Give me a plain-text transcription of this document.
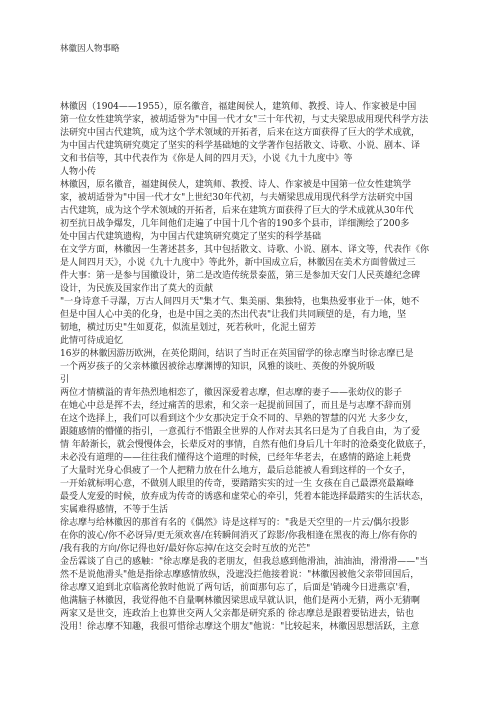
林徽因人物事略
林徽因（1904——1955），原名徽音，福建闽侯人，建筑师、教授、诗人、作家被是中国
第一位女性建筑学家，被胡适誉为"中国一代才女"三十年代初，与丈夫梁思成用现代科学方法
法研究中国古代建筑，成为这个学术领域的开拓者，后来在这方面获得了巨大的学术成就，
为中国古代建筑研究奠定了坚实的科学基础她的文学著作包括散文、诗歌、小说、剧本、译
文和书信等，其中代表作为《你是人间的四月天》，小说《九十九度中》等
人物小传
林徽因，原名徽音，福建闽侯人，建筑师、教授、诗人、作家被是中国第一位女性建筑学
家，被胡适誉为"中国一代才女"上世纪30年代初，与夫婿梁思成用现代科学方法研究中国
古代建筑，成为这个学术领域的开拓者，后来在建筑方面获得了巨大的学术成就从30年代
初至抗日战争爆发，几年间他们走遍了中国十几个省的190多个县市，详细测绘了200多
处中国古代建筑遗构，为中国古代建筑研究奠定了坚实的科学基础
在文学方面，林徽因一生著述甚多，其中包括散文、诗歌、小说、剧本、译文等，代表作《你
是人间四月天》，小说《九十九度中》等此外，新中国成立后，林徽因在美术方面曾做过三
件大事：第一是参与国徽设计，第二是改造传统景泰蓝，第三是参加天安门人民英雄纪念碑
设计，为民族及国家作出了莫大的贡献
"一身诗意千寻瀑，万古人间四月天"集才气、集美丽、集独特，也集热爱事业于一体，她不
但是中国人心中美的化身，也是中国之美的杰出代表"让我们共同顾望的是，有力地，坚
韧地，横过历史"生如夏花，似流星划过，死若秋叶，化泥土留芳
此情可待成追忆
16岁的林徽因游历欧洲，在英伦期间，结识了当时正在英国留学的徐志摩当时徐志摩已是
一个两岁孩子的父亲林徽因被徐志摩渊博的知识，风雅的谈吐、英俊的外貌所吸
引
两位才情横溢的青年热烈地相恋了，徽因深爱着志摩，但志摩的妻子——张幼仪的影子
在她心中总是挥不去，经过痛苦的思索，和父亲一起提前回国了，而且是与志摩不辞而别
在这个选择上，我们可以看到这个少女那决定于众不同的、早熟的智慧的闪光 大多少女，
跟随感情的懵懂的指引，一意孤行不惜跟全世界的人作对去其名曰是为了自我自由，为了爱
情 年龄渐长，就会慢慢体会，长辈反对的事情，自然有他们身后几十年时的沧桑变化做底子，
未必没有道理的——往往我们懂得这个道理的时候，已经年华老去，在感情的路途上耗费
了大量时光身心俱疲了一个人把精力放在什么地方，最后总能被人看到这样的一个女子，
一开始就标明心意，不做别人眼里的传奇，要踏踏实实的过一生 女孩在自己最漂亮最巅峰
最受人宠爱的时候，放弃成为传奇的诱惑和虚荣心的牵引，凭着本能选择最踏实的生活状态，
实属难得感情，不等于生活
徐志摩与给林徽因的那首有名的《偶然》诗是这样写的："我是天空里的一片云/偶尔投影
在你的波心/你不必讶异/更无须欢喜/在转瞬间消灭了踪影/你我相逢在黑夜的海上/你有你的
/我有我的方向/你记得也好/最好你忘掉/在这交会时互放的光芒"
金岳霖谈了自己的感触："徐志摩是我的老朋友，但我总感到他滑油，油油油，滑滑滑——"当
然不是说他滑头"他是指徐志摩感情放纵，没遮没拦他接着说："林徽因被他父亲带回国后，
徐志摩又追到北京临离伦敦时他说了两句话，前面那句忘了，后面是'销魂今日进燕京'看，
他满脑子林徽因，我觉得他不自量啊林徽因梁思成早就认识，他们是两小无猜，两小无猜啊
两家又是世交，连政治上也算世交两人父亲都是研究系的 徐志摩总是跟着要钻进去，钻也
没用！徐志摩不知趣，我很可惜徐志摩这个朋友"他说："比较起来，林徽因思想活跃，主意
